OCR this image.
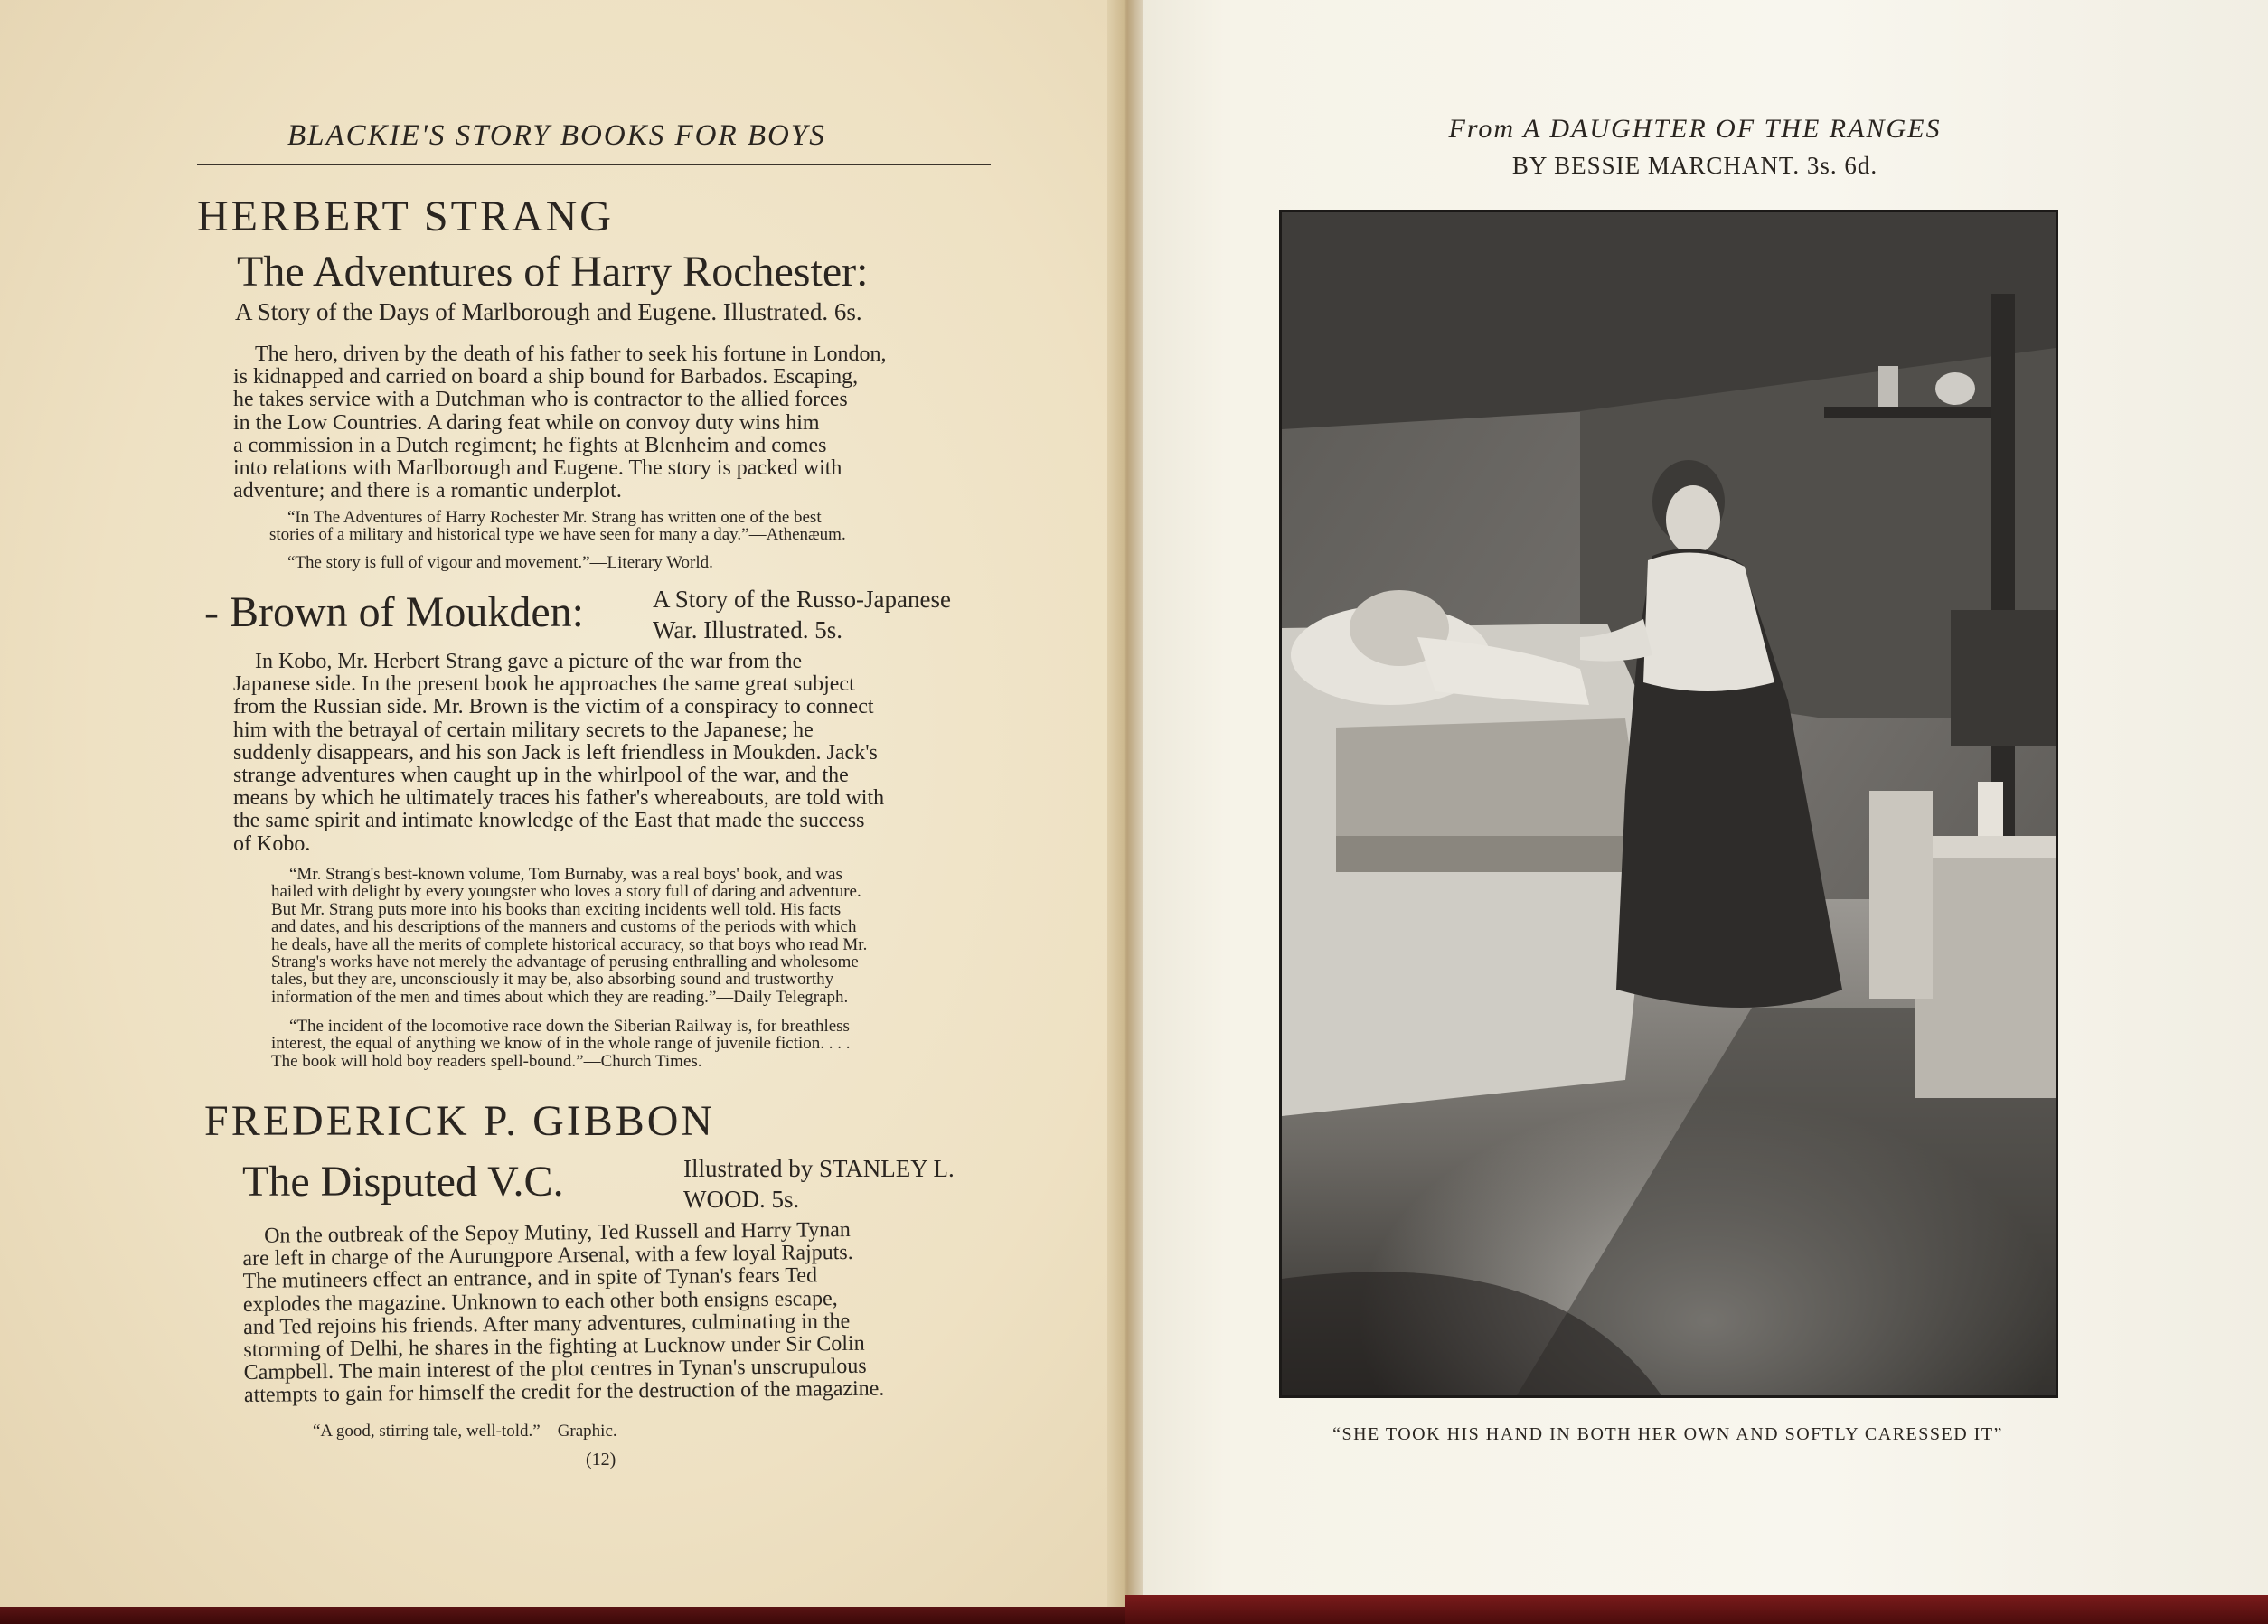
BLACKIE'S STORY BOOKS FOR BOYS
HERBERT STRANG
The Adventures of Harry Rochester:
A Story of the Days of Marlborough and Eugene. Illustrated. 6s.
The hero, driven by the death of his father to seek his fortune in London,
is kidnapped and carried on board a ship bound for Barbados. Escaping,
he takes service with a Dutchman who is contractor to the allied forces
in the Low Countries. A daring feat while on convoy duty wins him
a commission in a Dutch regiment; he fights at Blenheim and comes
into relations with Marlborough and Eugene. The story is packed with
adventure; and there is a romantic underplot.
“In The Adventures of Harry Rochester Mr. Strang has written one of the best
stories of a military and historical type we have seen for many a day.”—Athenæum.
“The story is full of vigour and movement.”—Literary World.
- Brown of Moukden:	A Story of the Russo-Japanese
War. Illustrated. 5s.
In Kobo, Mr. Herbert Strang gave a picture of the war from the
Japanese side. In the present book he approaches the same great subject
from the Russian side. Mr. Brown is the victim of a conspiracy to connect
him with the betrayal of certain military secrets to the Japanese; he
suddenly disappears, and his son Jack is left friendless in Moukden. Jack's
strange adventures when caught up in the whirlpool of the war, and the
means by which he ultimately traces his father's whereabouts, are told with
the same spirit and intimate knowledge of the East that made the success
of Kobo.
“Mr. Strang's best-known volume, Tom Burnaby, was a real boys' book, and was
hailed with delight by every youngster who loves a story full of daring and adventure.
But Mr. Strang puts more into his books than exciting incidents well told. His facts
and dates, and his descriptions of the manners and customs of the periods with which
he deals, have all the merits of complete historical accuracy, so that boys who read Mr.
Strang's works have not merely the advantage of perusing enthralling and wholesome
tales, but they are, unconsciously it may be, also absorbing sound and trustworthy
information of the men and times about which they are reading.”—Daily Telegraph.
“The incident of the locomotive race down the Siberian Railway is, for breathless
interest, the equal of anything we know of in the whole range of juvenile fiction. . . .
The book will hold boy readers spell-bound.”—Church Times.
FREDERICK P. GIBBON
The Disputed V.C.	Illustrated by STANLEY L.
WOOD. 5s.
On the outbreak of the Sepoy Mutiny, Ted Russell and Harry Tynan
are left in charge of the Aurungpore Arsenal, with a few loyal Rajputs.
The mutineers effect an entrance, and in spite of Tynan's fears Ted
explodes the magazine. Unknown to each other both ensigns escape,
and Ted rejoins his friends. After many adventures, culminating in the
storming of Delhi, he shares in the fighting at Lucknow under Sir Colin
Campbell. The main interest of the plot centres in Tynan's unscrupulous
attempts to gain for himself the credit for the destruction of the magazine.
“A good, stirring tale, well-told.”—Graphic.
(12)
From A DAUGHTER OF THE RANGES
BY BESSIE MARCHANT. 3s. 6d.
“SHE TOOK HIS HAND IN BOTH HER OWN AND SOFTLY CARESSED IT”
